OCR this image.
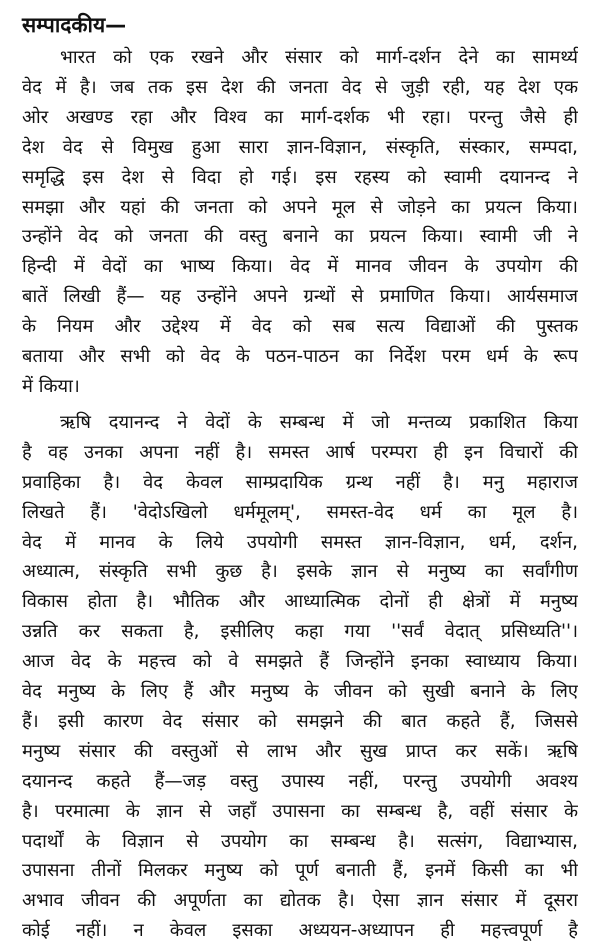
सम्पादकीय—
भारत को एक रखने और संसार को मार्ग-दर्शन देने का सामर्थ्य
वेद में है। जब तक इस देश की जनता वेद से जुड़ी रही, यह देश एक
ओर अखण्ड रहा और विश्व का मार्ग-दर्शक भी रहा। परन्तु जैसे ही
देश वेद से विमुख हुआ सारा ज्ञान-विज्ञान, संस्कृति, संस्कार, सम्पदा,
समृद्धि इस देश से विदा हो गई। इस रहस्य को स्वामी दयानन्द ने
समझा और यहां की जनता को अपने मूल से जोड़ने का प्रयत्न किया।
उन्होंने वेद को जनता की वस्तु बनाने का प्रयत्न किया। स्वामी जी ने
हिन्दी में वेदों का भाष्य किया। वेद में मानव जीवन के उपयोग की
बातें लिखी हैं— यह उन्होंने अपने ग्रन्थों से प्रमाणित किया। आर्यसमाज
के नियम और उद्देश्य में वेद को सब सत्य विद्याओं की पुस्तक
बताया और सभी को वेद के पठन-पाठन का निर्देश परम धर्म के रूप
में किया।
ऋषि दयानन्द ने वेदों के सम्बन्ध में जो मन्तव्य प्रकाशित किया
है वह उनका अपना नहीं है। समस्त आर्ष परम्परा ही इन विचारों की
प्रवाहिका है। वेद केवल साम्प्रदायिक ग्रन्थ नहीं है। मनु महाराज
लिखते हैं। 'वेदोऽखिलो धर्ममूलम्', समस्त-वेद धर्म का मूल है।
वेद में मानव के लिये उपयोगी समस्त ज्ञान-विज्ञान, धर्म, दर्शन,
अध्यात्म, संस्कृति सभी कुछ है। इसके ज्ञान से मनुष्य का सर्वांगीण
विकास होता है। भौतिक और आध्यात्मिक दोनों ही क्षेत्रों में मनुष्य
उन्नति कर सकता है, इसीलिए कहा गया ''सर्वं वेदात् प्रसिध्यति''।
आज वेद के महत्त्व को वे समझते हैं जिन्होंने इनका स्वाध्याय किया।
वेद मनुष्य के लिए हैं और मनुष्य के जीवन को सुखी बनाने के लिए
हैं। इसी कारण वेद संसार को समझने की बात कहते हैं, जिससे
मनुष्य संसार की वस्तुओं से लाभ और सुख प्राप्त कर सकें। ऋषि
दयानन्द कहते हैं—जड़ वस्तु उपास्य नहीं, परन्तु उपयोगी अवश्य
है। परमात्मा के ज्ञान से जहाँ उपासना का सम्बन्ध है, वहीं संसार के
पदार्थों के विज्ञान से उपयोग का सम्बन्ध है। सत्संग, विद्याभ्यास,
उपासना तीनों मिलकर मनुष्य को पूर्ण बनाती हैं, इनमें किसी का भी
अभाव जीवन की अपूर्णता का द्योतक है। ऐसा ज्ञान संसार में दूसरा
कोई नहीं। न केवल इसका अध्ययन-अध्यापन ही महत्त्वपूर्ण है
